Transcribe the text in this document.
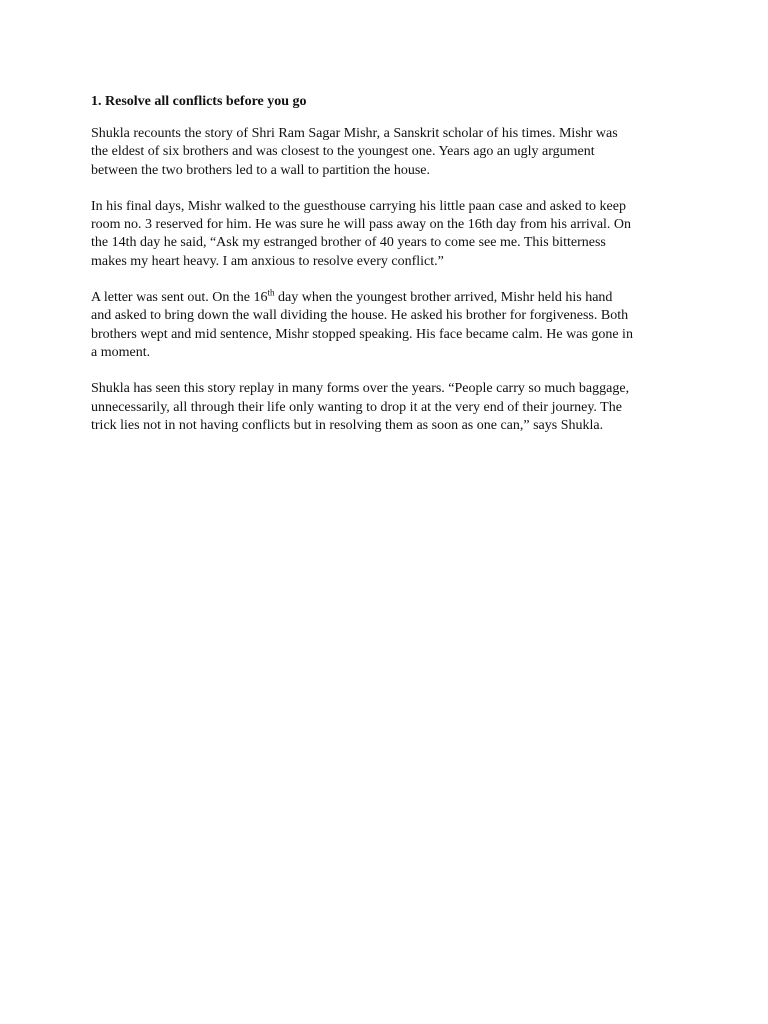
1. Resolve all conflicts before you go
Shukla recounts the story of Shri Ram Sagar Mishr, a Sanskrit scholar of his times. Mishr was
the eldest of six brothers and was closest to the youngest one. Years ago an ugly argument
between the two brothers led to a wall to partition the house.
In his final days, Mishr walked to the guesthouse carrying his little paan case and asked to keep
room no. 3 reserved for him. He was sure he will pass away on the 16th day from his arrival. On
the 14th day he said, “Ask my estranged brother of 40 years to come see me. This bitterness
makes my heart heavy. I am anxious to resolve every conflict.”
A letter was sent out. On the 16th day when the youngest brother arrived, Mishr held his hand
and asked to bring down the wall dividing the house. He asked his brother for forgiveness. Both
brothers wept and mid sentence, Mishr stopped speaking. His face became calm. He was gone in
a moment.
Shukla has seen this story replay in many forms over the years. “People carry so much baggage,
unnecessarily, all through their life only wanting to drop it at the very end of their journey. The
trick lies not in not having conflicts but in resolving them as soon as one can,” says Shukla.
